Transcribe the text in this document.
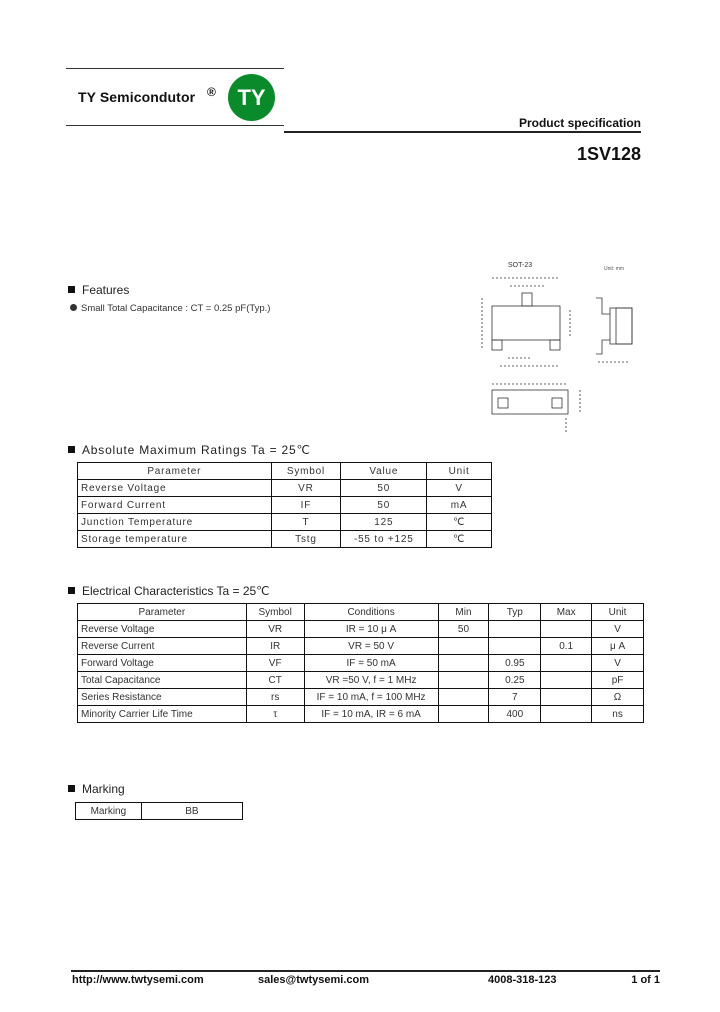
TY Semicondutor ® TY
Product specification
1SV128
Features
Small Total Capacitance : CT = 0.25 pF(Typ.)
SOT-23	Unit: mm
Absolute Maximum Ratings Ta = 25℃
Parameter	Symbol	Value	Unit
Reverse Voltage	VR	50	V
Forward Current	IF	50	mA
Junction Temperature	T	125	℃
Storage temperature	Tstg	-55 to +125	℃
Electrical Characteristics Ta = 25℃
Parameter	Symbol	Conditions	Min	Typ	Max	Unit
Reverse Voltage	VR	IR = 10 μ A	50			V
Reverse Current	IR	VR = 50 V			0.1	μ A
Forward Voltage	VF	IF = 50 mA		0.95		V
Total Capacitance	CT	VR =50 V, f = 1 MHz		0.25		pF
Series Resistance	rs	IF = 10 mA, f = 100 MHz		7		Ω
Minority Carrier Life Time	τ	IF = 10 mA, IR = 6 mA		400		ns
Marking
Marking	BB
http://www.twtysemi.com	sales@twtysemi.com	4008-318-123	1 of 1
